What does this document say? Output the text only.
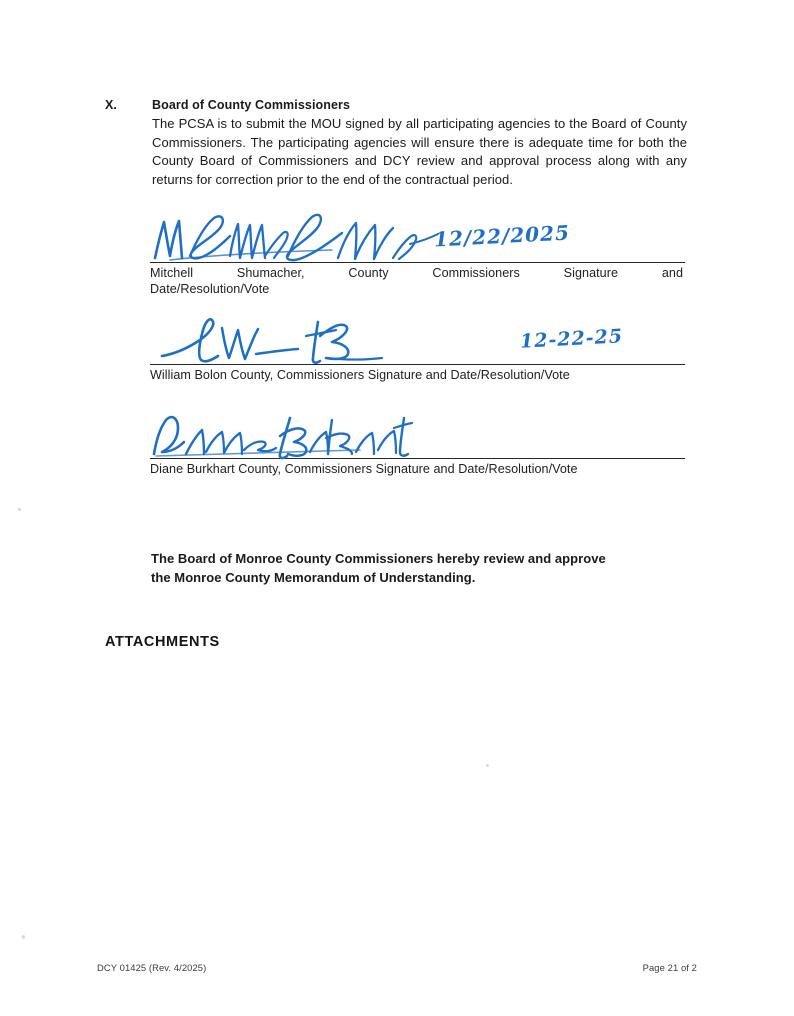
X.	Board of County Commissioners
The PCSA is to submit the MOU signed by all participating agencies to the Board of County Commissioners. The participating agencies will ensure there is adequate time for both the County Board of Commissioners and DCY review and approval process along with any returns for correction prior to the end of the contractual period.
12/22/2025
Mitchell Shumacher, County Commissioners Signature and
Date/Resolution/Vote
12-22-25
William Bolon County, Commissioners Signature and Date/Resolution/Vote
Diane Burkhart County, Commissioners Signature and Date/Resolution/Vote
The Board of Monroe County Commissioners hereby review and approve
the Monroe County Memorandum of Understanding.
ATTACHMENTS
DCY 01425 (Rev. 4/2025)	Page 21 of 2
